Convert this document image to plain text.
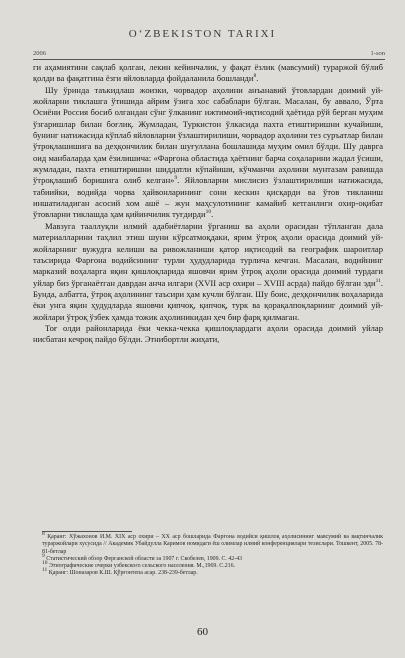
O‘ZBEKISTON TARIXI
2006	1-son

ги аҳамиятини сақлаб қолган, лекин кейинчалик, у фақат ёзлик (мавсумий) тураржой бўлиб қолди ва фақатгина ёзги яйловларда фойдаланила бошланди$^8$.

Шу ўринда таъкидлаш жоизки, чорвадор аҳолини анъанавий ўтовлардан доимий уй-жойларни тиклашга ўтишида айрим ўзига хос сабаблари бўлган. Масалан, бу аввало, Ўрта Осиёни Россия босиб олгандан сўнг ўлканинг ижтимоий-иқтисодий ҳаётида рўй берган муҳим ўзгаришлар билан боғлиқ. Жумладан, Туркистон ўлкасида пахта етиштиришни кучайиши, бунинг натижасида кўплаб яйловларни ўзлаштирилиши, чорвадор аҳолини тез суръатлар билан ўтроқлашишига ва деҳқончилик билан шуғуллана бошлашида муҳим омил бўлди. Шу даврга оид манбаларда ҳам ёзилишича: «Фарғона областида ҳаётнинг барча соҳаларини жадал ўсиши, жумладан, пахта етиштиришни шиддатли кўпайиши, кўчманчи аҳолини мунтазам равишда ўтроқлашиб боришига олиб келган»$^9$. Яйловларни мислисиз ўзлаштирилиши натижасида, табиийки, водийда чорва ҳайвонларининг сони кескин қисқарди ва ўтов тикланиш иншатиладиган асосий хом ашё – жун маҳсулотининг камайиб кетганлиги охир-оқибат ўтовларни тиклашда ҳам қийинчилик туғдирди$^{10}$.

Мавзуга тааллуқли илмий адабиётларни ўрганиш ва аҳоли орасидан тўпланган дала материалларини таҳлил этиш шуни кўрсатмоқдаки, ярим ўтроқ аҳоли орасида доимий уй-жойларнинг вужудга келиши ва ривожланиши қатор иқтисодий ва географик шароитлар таъсирида Фарғона водийсининг турли ҳудудларида турлича кечган. Масалан, водийнинг марказий воҳаларга яқин қишлоқларида яшовчи ярим ўтроқ аҳоли орасида доимий турдаги уйлар биз ўрганаётган даврдан анча илгари (XVII аср охири – XVIII асрда) пайдо бўлган эди$^{11}$. Бунда, албатта, ўтроқ аҳолининг таъсири ҳам кучли бўлган. Шу боис, деҳқончилик воҳаларида ёки унга яқин ҳудудларда яшовчи қипчоқ, қипчоқ, турк ва қорақалпоқларнинг доимий уй-жойлари ўтроқ ўзбек ҳамда тожик аҳолиникидан ҳеч бир фарқ қилмаган.

Тоғ олди районларида ёки чекка-чекка қишлоқлардаги аҳоли орасида доимий уйлар нисбатан кечроқ пайдо бўлди. Этнибортли жиҳати,

$^8$ Қаранг: Хўжахонов И.М. XIX аср охири – XX аср бошларида Фарғона водийси қишлоқ аҳолисининг мавсумий ва вақтинчалик тураржойлари хусусида // Академик Убайдулла Каримов номидаги ёш олимлар илмий конференциялари тезислари. Тошкент, 2005. 78-81-бетлар

$^9$ Статистический обзор Ферганской области за 1907 г. Скобелев, 1909. С. 42-43

$^{10}$ Этнографические очерки узбекского сельского населения. М.,1969. С.216.

$^{11}$ Қаранг: Шоназаров К.Ш. Қўрғонтепа асар. 238-239-бетлар.

60
